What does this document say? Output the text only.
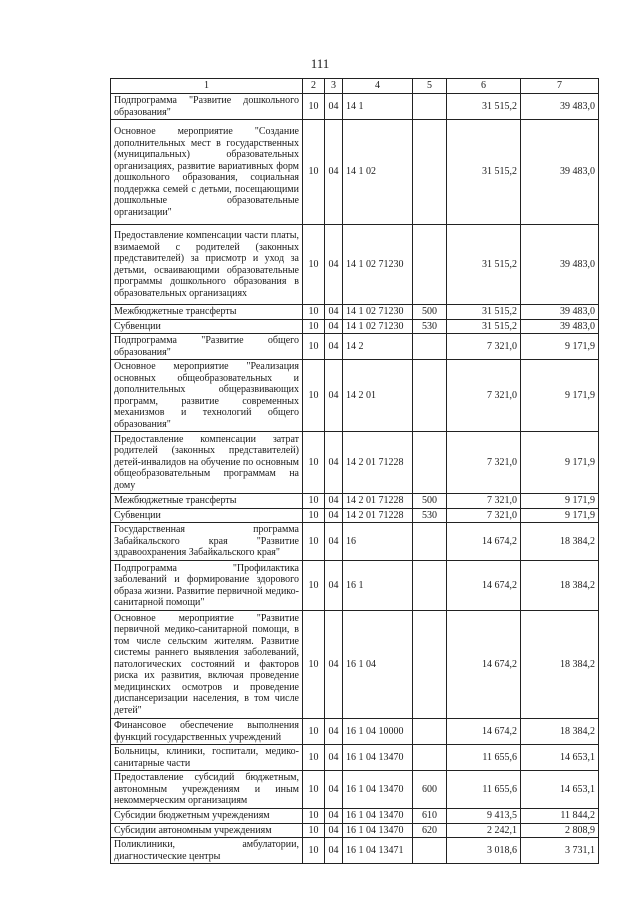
111
1	2	3	4	5	6	7
Подпрограмма "Развитие дошкольного образования"	10	04	14 1		31 515,2	39 483,0
Основное мероприятие "Создание дополнительных мест в государственных (муниципальных) образовательных организациях, развитие вариативных форм дошкольного образования, социальная поддержка семей с детьми, посещающими дошкольные образовательные организации"	10	04	14 1 02		31 515,2	39 483,0
Предоставление компенсации части платы, взимаемой с родителей (законных представителей) за присмотр и уход за детьми, осваивающими образовательные программы дошкольного образования в образовательных организациях	10	04	14 1 02 71230		31 515,2	39 483,0
Межбюджетные трансферты	10	04	14 1 02 71230	500	31 515,2	39 483,0
Субвенции	10	04	14 1 02 71230	530	31 515,2	39 483,0
Подпрограмма "Развитие общего образования"	10	04	14 2		7 321,0	9 171,9
Основное мероприятие "Реализация основных общеобразовательных и дополнительных общеразвивающих программ, развитие современных механизмов и технологий общего образования"	10	04	14 2 01		7 321,0	9 171,9
Предоставление компенсации затрат родителей (законных представителей) детей-инвалидов на обучение по основным общеобразовательным программам на дому	10	04	14 2 01 71228		7 321,0	9 171,9
Межбюджетные трансферты	10	04	14 2 01 71228	500	7 321,0	9 171,9
Субвенции	10	04	14 2 01 71228	530	7 321,0	9 171,9
Государственная программа Забайкальского края "Развитие здравоохранения Забайкальского края"	10	04	16		14 674,2	18 384,2
Подпрограмма "Профилактика заболеваний и формирование здорового образа жизни. Развитие первичной медико-санитарной помощи"	10	04	16 1		14 674,2	18 384,2
Основное мероприятие "Развитие первичной медико-санитарной помощи, в том числе сельским жителям. Развитие системы раннего выявления заболеваний, патологических состояний и факторов риска их развития, включая проведение медицинских осмотров и проведение диспансеризации населения, в том числе детей"	10	04	16 1 04		14 674,2	18 384,2
Финансовое обеспечение выполнения функций государственных учреждений	10	04	16 1 04 10000		14 674,2	18 384,2
Больницы, клиники, госпитали, медико-санитарные части	10	04	16 1 04 13470		11 655,6	14 653,1
Предоставление субсидий бюджетным, автономным учреждениям и иным некоммерческим организациям	10	04	16 1 04 13470	600	11 655,6	14 653,1
Субсидии бюджетным учреждениям	10	04	16 1 04 13470	610	9 413,5	11 844,2
Субсидии автономным учреждениям	10	04	16 1 04 13470	620	2 242,1	2 808,9
Поликлиники, амбулатории, диагностические центры	10	04	16 1 04 13471		3 018,6	3 731,1
